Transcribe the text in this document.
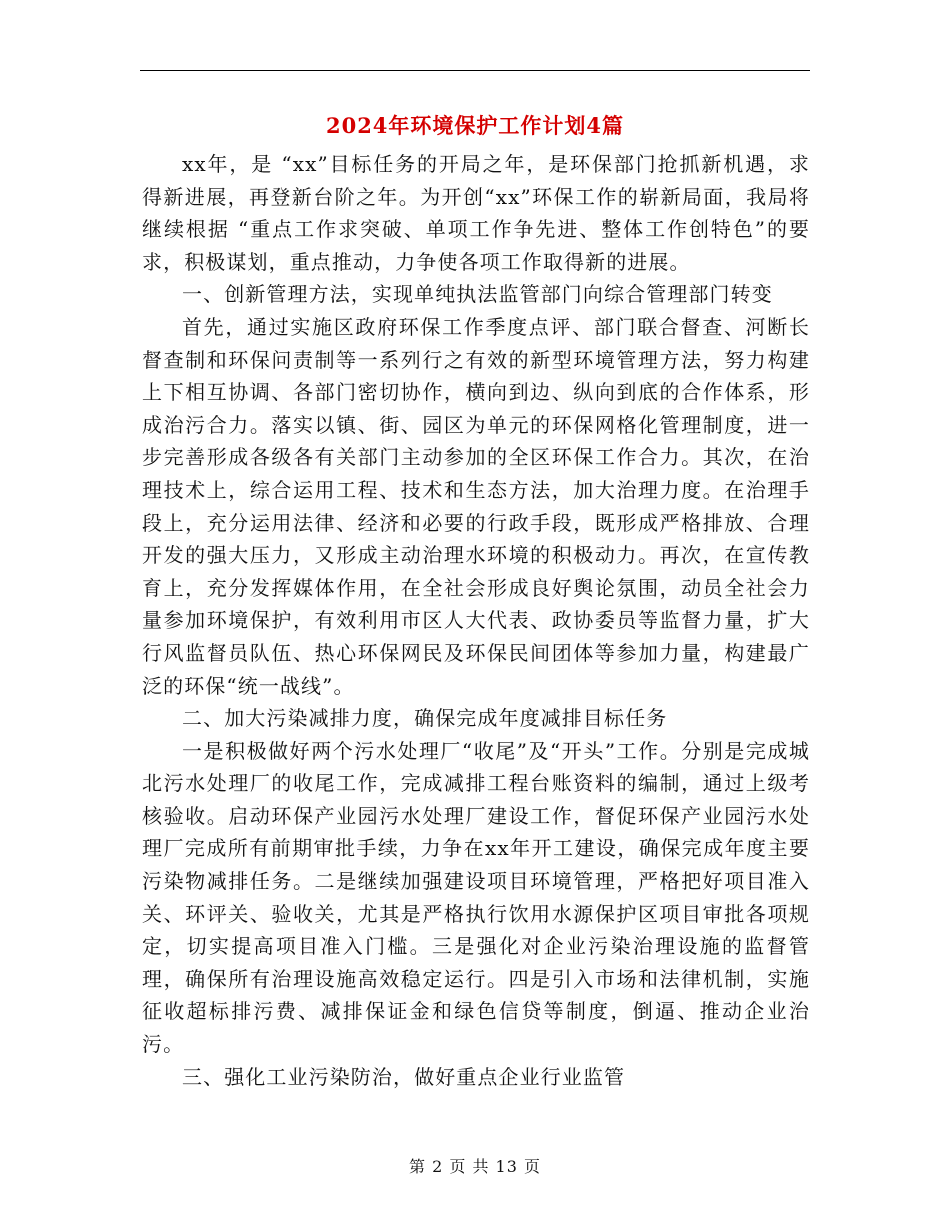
2024年环境保护工作计划4篇

xx年，是 “xx”目标任务的开局之年，是环保部门抢抓新机遇，求得新进展，再登新台阶之年。为开创“xx”环保工作的崭新局面，我局将继续根据 “重点工作求突破、单项工作争先进、整体工作创特色”的要求，积极谋划，重点推动，力争使各项工作取得新的进展。

一、创新管理方法，实现单纯执法监管部门向综合管理部门转变

首先，通过实施区政府环保工作季度点评、部门联合督查、河断长督查制和环保问责制等一系列行之有效的新型环境管理方法，努力构建上下相互协调、各部门密切协作，横向到边、纵向到底的合作体系，形成治污合力。落实以镇、街、园区为单元的环保网格化管理制度，进一步完善形成各级各有关部门主动参加的全区环保工作合力。其次，在治理技术上，综合运用工程、技术和生态方法，加大治理力度。在治理手段上，充分运用法律、经济和必要的行政手段，既形成严格排放、合理开发的强大压力，又形成主动治理水环境的积极动力。再次，在宣传教育上，充分发挥媒体作用，在全社会形成良好舆论氛围，动员全社会力量参加环境保护，有效利用市区人大代表、政协委员等监督力量，扩大行风监督员队伍、热心环保网民及环保民间团体等参加力量，构建最广泛的环保“统一战线”。

二、加大污染减排力度，确保完成年度减排目标任务

一是积极做好两个污水处理厂“收尾”及“开头”工作。分别是完成城北污水处理厂的收尾工作，完成减排工程台账资料的编制，通过上级考核验收。启动环保产业园污水处理厂建设工作，督促环保产业园污水处理厂完成所有前期审批手续，力争在xx年开工建设，确保完成年度主要污染物减排任务。二是继续加强建设项目环境管理，严格把好项目准入关、环评关、验收关，尤其是严格执行饮用水源保护区项目审批各项规定，切实提高项目准入门槛。三是强化对企业污染治理设施的监督管理，确保所有治理设施高效稳定运行。四是引入市场和法律机制，实施征收超标排污费、减排保证金和绿色信贷等制度，倒逼、推动企业治污。

三、强化工业污染防治，做好重点企业行业监管

第 2 页 共 13 页
